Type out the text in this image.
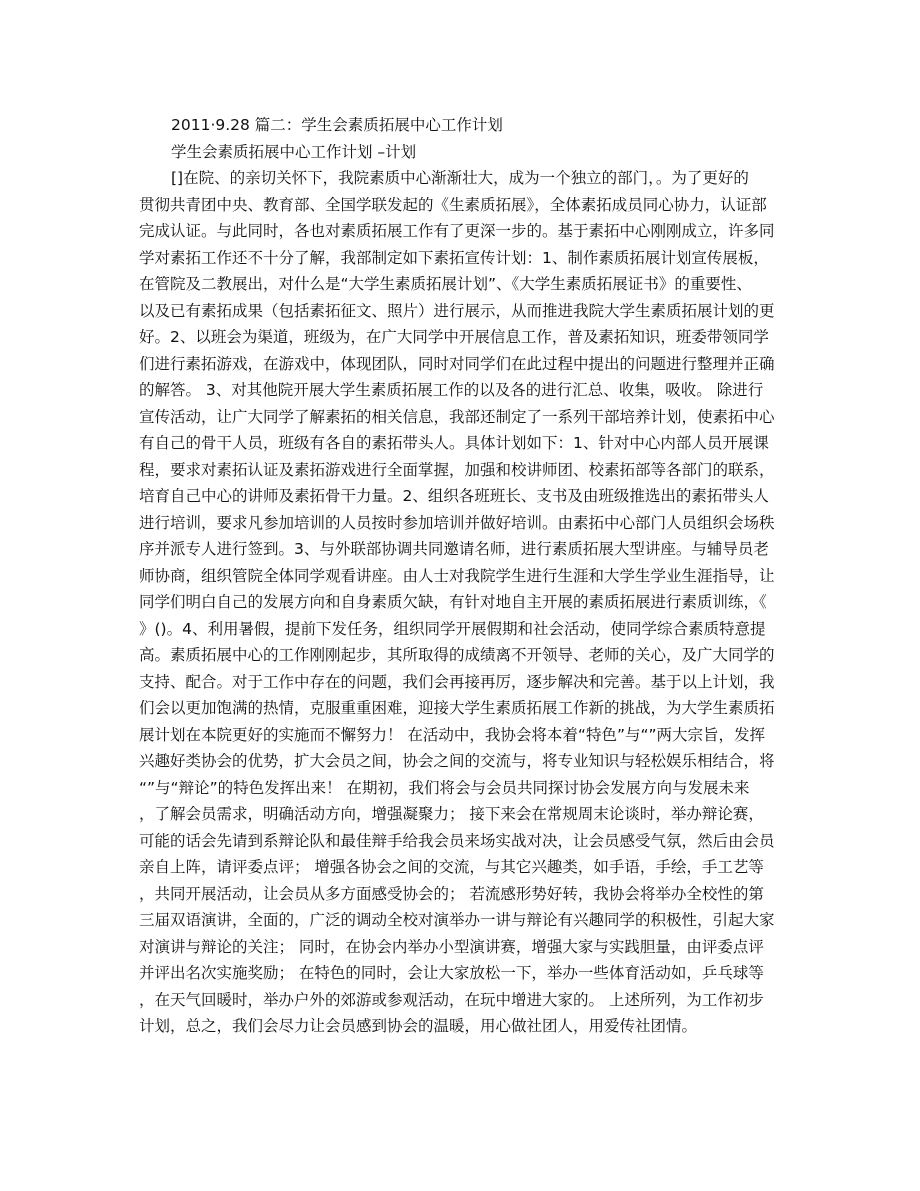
2011·9.28 篇二：学生会素质拓展中心工作计划
学生会素质拓展中心工作计划 –计划
[]在院、的亲切关怀下，我院素质中心渐渐壮大，成为一个独立的部门，。为了更好的
贯彻共青团中央、教育部、全国学联发起的《生素质拓展》，全体素拓成员同心协力，认证部
完成认证。与此同时，各也对素质拓展工作有了更深一步的。基于素拓中心刚刚成立，许多同
学对素拓工作还不十分了解，我部制定如下素拓宣传计划：1、制作素质拓展计划宣传展板，
在管院及二教展出，对什么是“大学生素质拓展计划”、《大学生素质拓展证书》的重要性、
以及已有素拓成果（包括素拓征文、照片）进行展示，从而推进我院大学生素质拓展计划的更
好。2、以班会为渠道，班级为，在广大同学中开展信息工作，普及素拓知识，班委带领同学
们进行素拓游戏，在游戏中，体现团队，同时对同学们在此过程中提出的问题进行整理并正确
的解答。 3、对其他院开展大学生素质拓展工作的以及各的进行汇总、收集，吸收。 除进行
宣传活动，让广大同学了解素拓的相关信息，我部还制定了一系列干部培养计划，使素拓中心
有自己的骨干人员，班级有各自的素拓带头人。具体计划如下：1、针对中心内部人员开展课
程，要求对素拓认证及素拓游戏进行全面掌握，加强和校讲师团、校素拓部等各部门的联系，
培育自己中心的讲师及素拓骨干力量。2、组织各班班长、支书及由班级推选出的素拓带头人
进行培训，要求凡参加培训的人员按时参加培训并做好培训。由素拓中心部门人员组织会场秩
序并派专人进行签到。3、与外联部协调共同邀请名师，进行素质拓展大型讲座。与辅导员老
师协商，组织管院全体同学观看讲座。由人士对我院学生进行生涯和大学生学业生涯指导，让
同学们明白自己的发展方向和自身素质欠缺，有针对地自主开展的素质拓展进行素质训练，《
》()。4、利用暑假，提前下发任务，组织同学开展假期和社会活动，使同学综合素质特意提
高。素质拓展中心的工作刚刚起步，其所取得的成绩离不开领导、老师的关心，及广大同学的
支持、配合。对于工作中存在的问题，我们会再接再厉，逐步解决和完善。基于以上计划，我
们会以更加饱满的热情，克服重重困难，迎接大学生素质拓展工作新的挑战，为大学生素质拓
展计划在本院更好的实施而不懈努力！ 在活动中，我协会将本着“特色”与“”两大宗旨，发挥
兴趣好类协会的优势，扩大会员之间，协会之间的交流与，将专业知识与轻松娱乐相结合，将
“”与“辩论”的特色发挥出来！ 在期初，我们将会与会员共同探讨协会发展方向与发展未来
，了解会员需求，明确活动方向，增强凝聚力； 接下来会在常规周末论谈时，举办辩论赛，
可能的话会先请到系辩论队和最佳辩手给我会员来场实战对决，让会员感受气氛，然后由会员
亲自上阵，请评委点评； 增强各协会之间的交流，与其它兴趣类，如手语，手绘，手工艺等
，共同开展活动，让会员从多方面感受协会的； 若流感形势好转，我协会将举办全校性的第
三届双语演讲，全面的，广泛的调动全校对演举办一讲与辩论有兴趣同学的积极性，引起大家
对演讲与辩论的关注； 同时，在协会内举办小型演讲赛，增强大家与实践胆量，由评委点评
并评出名次实施奖励； 在特色的同时，会让大家放松一下，举办一些体育活动如，乒乓球等
，在天气回暖时，举办户外的郊游或参观活动，在玩中增进大家的。 上述所列，为工作初步
计划，总之，我们会尽力让会员感到协会的温暖，用心做社团人，用爱传社团情。
